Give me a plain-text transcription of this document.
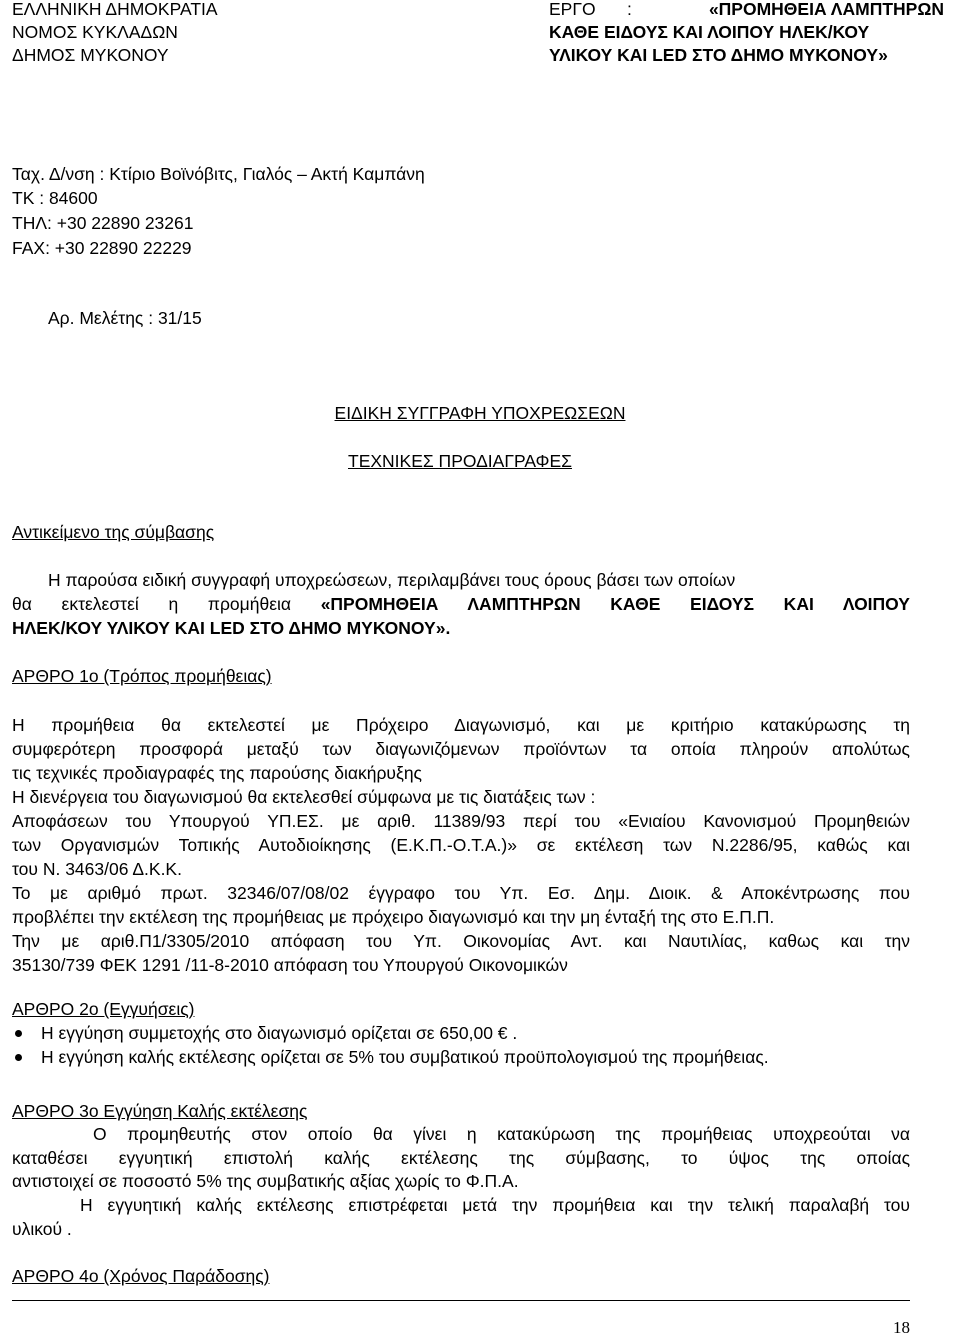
ΕΛΛΗΝΙΚΗ ΔΗΜΟΚΡΑΤΙΑ
ΝΟΜΟΣ ΚΥΚΛΑΔΩΝ
ΔΗΜΟΣ ΜΥΚΟΝΟΥ
ΕΡΓΟ :	«ΠΡΟΜΗΘΕΙΑ ΛΑΜΠΤΗΡΩΝ
ΚΑΘΕ ΕΙΔΟΥΣ ΚΑΙ ΛΟΙΠΟΥ ΗΛΕΚ/ΚΟΥ
ΥΛΙΚΟΥ ΚΑΙ LED ΣΤΟ ΔΗΜΟ ΜΥΚΟΝΟΥ»
Ταχ. Δ/νση : Κτίριο Βοϊνόβιτς, Γιαλός – Ακτή Καμπάνη
ΤΚ : 84600
ΤΗΛ: +30 22890 23261
FAX: +30 22890 22229
Αρ. Μελέτης : 31/15
ΕΙΔΙΚΗ ΣΥΓΓΡΑΦΗ ΥΠΟΧΡΕΩΣΕΩΝ
ΤΕΧΝΙΚΕΣ ΠΡΟΔΙΑΓΡΑΦΕΣ
Αντικείμενο της σύμβασης
Η παρούσα ειδική συγγραφή υποχρεώσεων, περιλαμβάνει τους όρους βάσει των οποίων
θα εκτελεστεί η προμήθεια «ΠΡΟΜΗΘΕΙΑ ΛΑΜΠΤΗΡΩΝ ΚΑΘΕ ΕΙΔΟΥΣ ΚΑΙ ΛΟΙΠΟΥ
ΗΛΕΚ/ΚΟΥ ΥΛΙΚΟΥ ΚΑΙ LED ΣΤΟ ΔΗΜΟ ΜΥΚΟΝΟΥ».
ΑΡΘΡΟ 1ο (Τρόπος προμήθειας)
Η προμήθεια θα εκτελεστεί με Πρόχειρο Διαγωνισμό, και με κριτήριο κατακύρωσης τη
συμφερότερη προσφορά μεταξύ των διαγωνιζόμενων προϊόντων τα οποία πληρούν απολύτως
τις τεχνικές προδιαγραφές της παρούσης διακήρυξης
Η διενέργεια του διαγωνισμού θα εκτελεσθεί σύμφωνα με τις διατάξεις των :
Αποφάσεων του Υπουργού ΥΠ.ΕΣ. με αριθ. 11389/93 περί του «Ενιαίου Κανονισμού Προμηθειών
των Οργανισμών Τοπικής Αυτοδιοίκησης (Ε.Κ.Π.-Ο.Τ.Α.)» σε εκτέλεση των Ν.2286/95, καθώς και
του Ν. 3463/06 Δ.Κ.Κ.
Το με αριθμό πρωτ. 32346/07/08/02 έγγραφο του Υπ. Εσ. Δημ. Διοικ. & Αποκέντρωσης που
προβλέπει την εκτέλεση της προμήθειας με πρόχειρο διαγωνισμό και την μη ένταξή της στο Ε.Π.Π.
Την με αριθ.Π1/3305/2010 απόφαση του Υπ. Οικονομίας Αντ. και Ναυτιλίας, καθως και την
35130/739 ΦΕΚ 1291 /11-8-2010 απόφαση του Υπουργού Οικονομικών
ΑΡΘΡΟ 2ο (Εγγυήσεις)
Η εγγύηση συμμετοχής στο διαγωνισμό ορίζεται σε 650,00 € .
Η εγγύηση καλής εκτέλεσης ορίζεται σε 5% του συμβατικού προϋπολογισμού της προμήθειας.
ΑΡΘΡΟ 3ο Εγγύηση Καλής εκτέλεσης
Ο προμηθευτής στον οποίο θα γίνει η κατακύρωση της προμήθειας υποχρεούται να
καταθέσει εγγυητική επιστολή καλής εκτέλεσης της σύμβασης, το ύψος της οποίας
αντιστοιχεί σε ποσοστό 5% της συμβατικής αξίας χωρίς το Φ.Π.Α.
Η εγγυητική καλής εκτέλεσης επιστρέφεται μετά την προμήθεια και την τελική παραλαβή του
υλικού .
ΑΡΘΡΟ 4ο (Χρόνος Παράδοσης)
18
